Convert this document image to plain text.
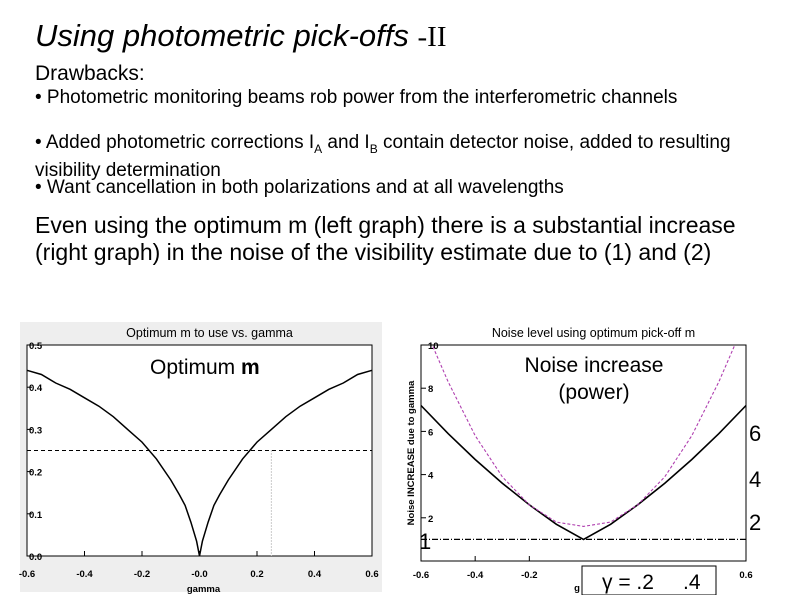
Using photometric pick-offs -II
Drawbacks:
• Photometric monitoring beams rob power from the interferometric channels
• Added photometric corrections $I_A$ and $I_B$ contain detector noise, added to resulting visibility determination
• Want cancellation in both polarizations and at all wavelengths
Even using the optimum m (left graph) there is a substantial increase (right graph) in the noise of the visibility estimate due to (1) and (2)
Optimum m to use vs. gamma
0.0
0.1
0.2
0.3
0.4
0.5
-0.6	-0.4	-0.2	-0.0	0.2	0.4	0.6
gamma
Optimum m
Noise level using optimum pick-off m
2
4
6
8
10
-0.6	-0.4	-0.2	0.6
g
Noise INCREASE due to gamma
Noise increase
(power)
6
4
2
1
γ = .2 .4
